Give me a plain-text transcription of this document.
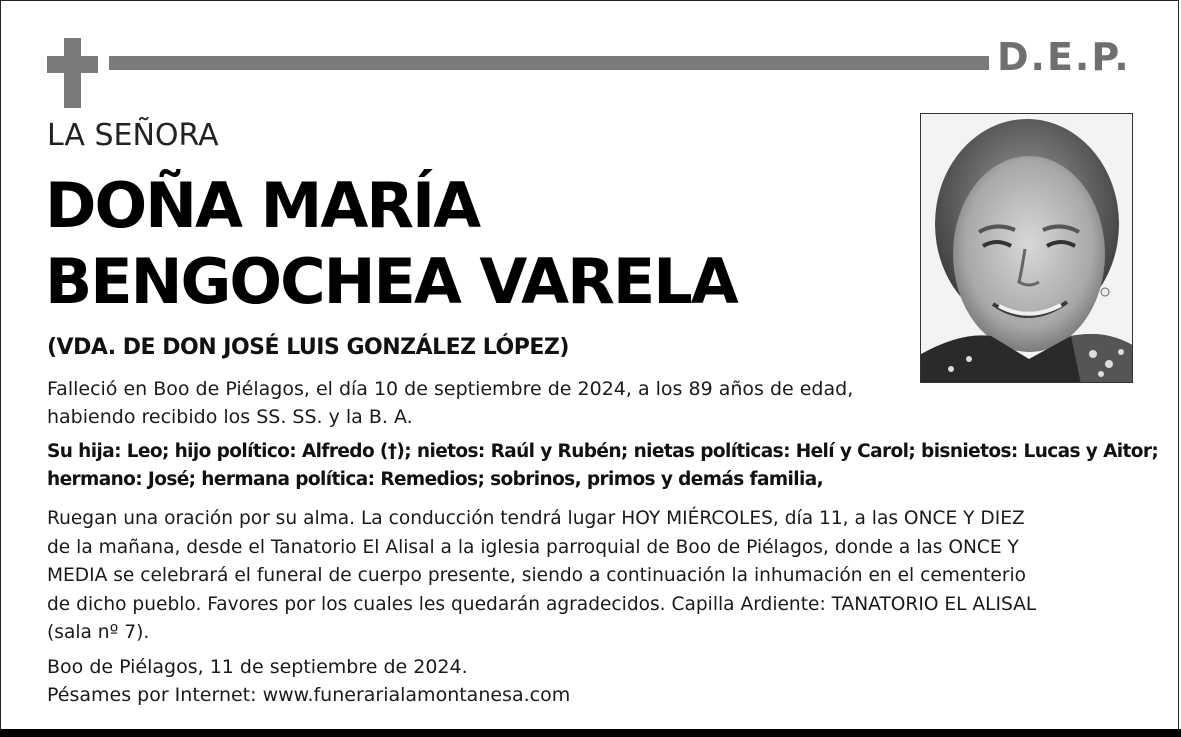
D.E.P.
LA SEÑORA
DOÑA MARÍA
BENGOCHEA VARELA
(VDA. DE DON JOSÉ LUIS GONZÁLEZ LÓPEZ)
Falleció en Boo de Piélagos, el día 10 de septiembre de 2024, a los 89 años de edad,
habiendo recibido los SS. SS. y la B. A.
Su hija: Leo; hijo político: Alfredo (†); nietos: Raúl y Rubén; nietas políticas: Helí y Carol; bisnietos: Lucas y Aitor;
hermano: José; hermana política: Remedios; sobrinos, primos y demás familia,
Ruegan una oración por su alma. La conducción tendrá lugar HOY MIÉRCOLES, día 11, a las ONCE Y DIEZ
de la mañana, desde el Tanatorio El Alisal a la iglesia parroquial de Boo de Piélagos, donde a las ONCE Y
MEDIA se celebrará el funeral de cuerpo presente, siendo a continuación la inhumación en el cementerio
de dicho pueblo. Favores por los cuales les quedarán agradecidos. Capilla Ardiente: TANATORIO EL ALISAL
(sala nº 7).
Boo de Piélagos, 11 de septiembre de 2024.
Pésames por Internet: www.funerarialamontanesa.com
